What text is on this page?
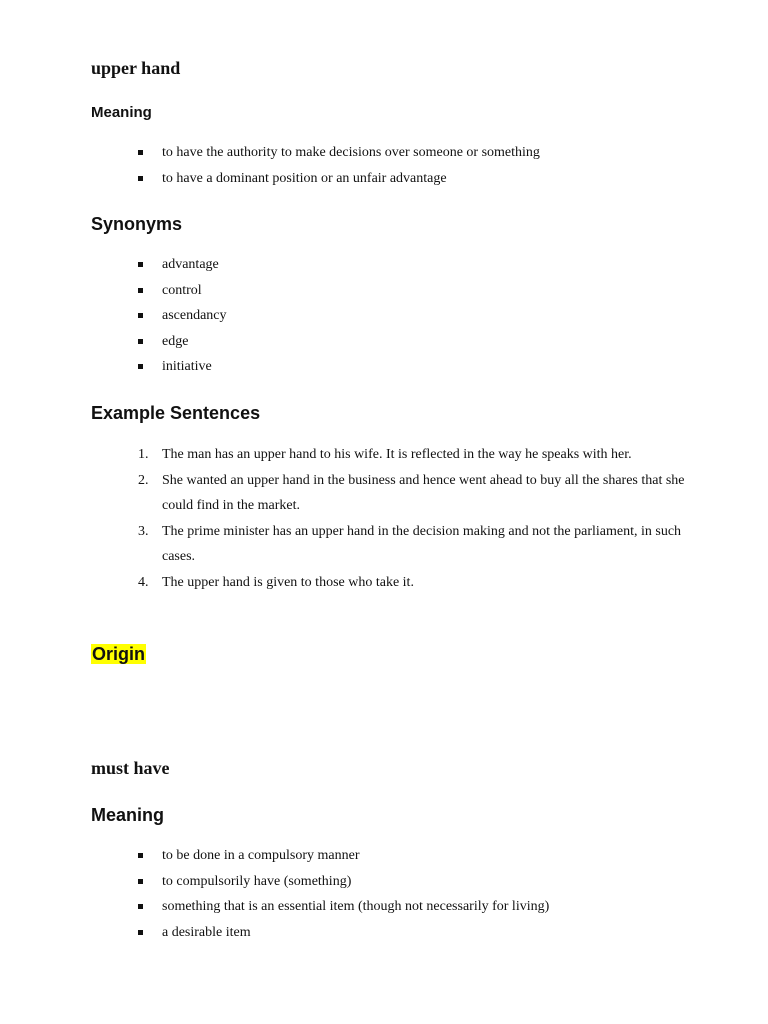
upper hand
Meaning
to have the authority to make decisions over someone or something
to have a dominant position or an unfair advantage
Synonyms
advantage
control
ascendancy
edge
initiative
Example Sentences
1. The man has an upper hand to his wife. It is reflected in the way he speaks with her.
2. She wanted an upper hand in the business and hence went ahead to buy all the shares that she could find in the market.
3. The prime minister has an upper hand in the decision making and not the parliament, in such cases.
4. The upper hand is given to those who take it.
Origin
must have
Meaning
to be done in a compulsory manner
to compulsorily have (something)
something that is an essential item (though not necessarily for living)
a desirable item
